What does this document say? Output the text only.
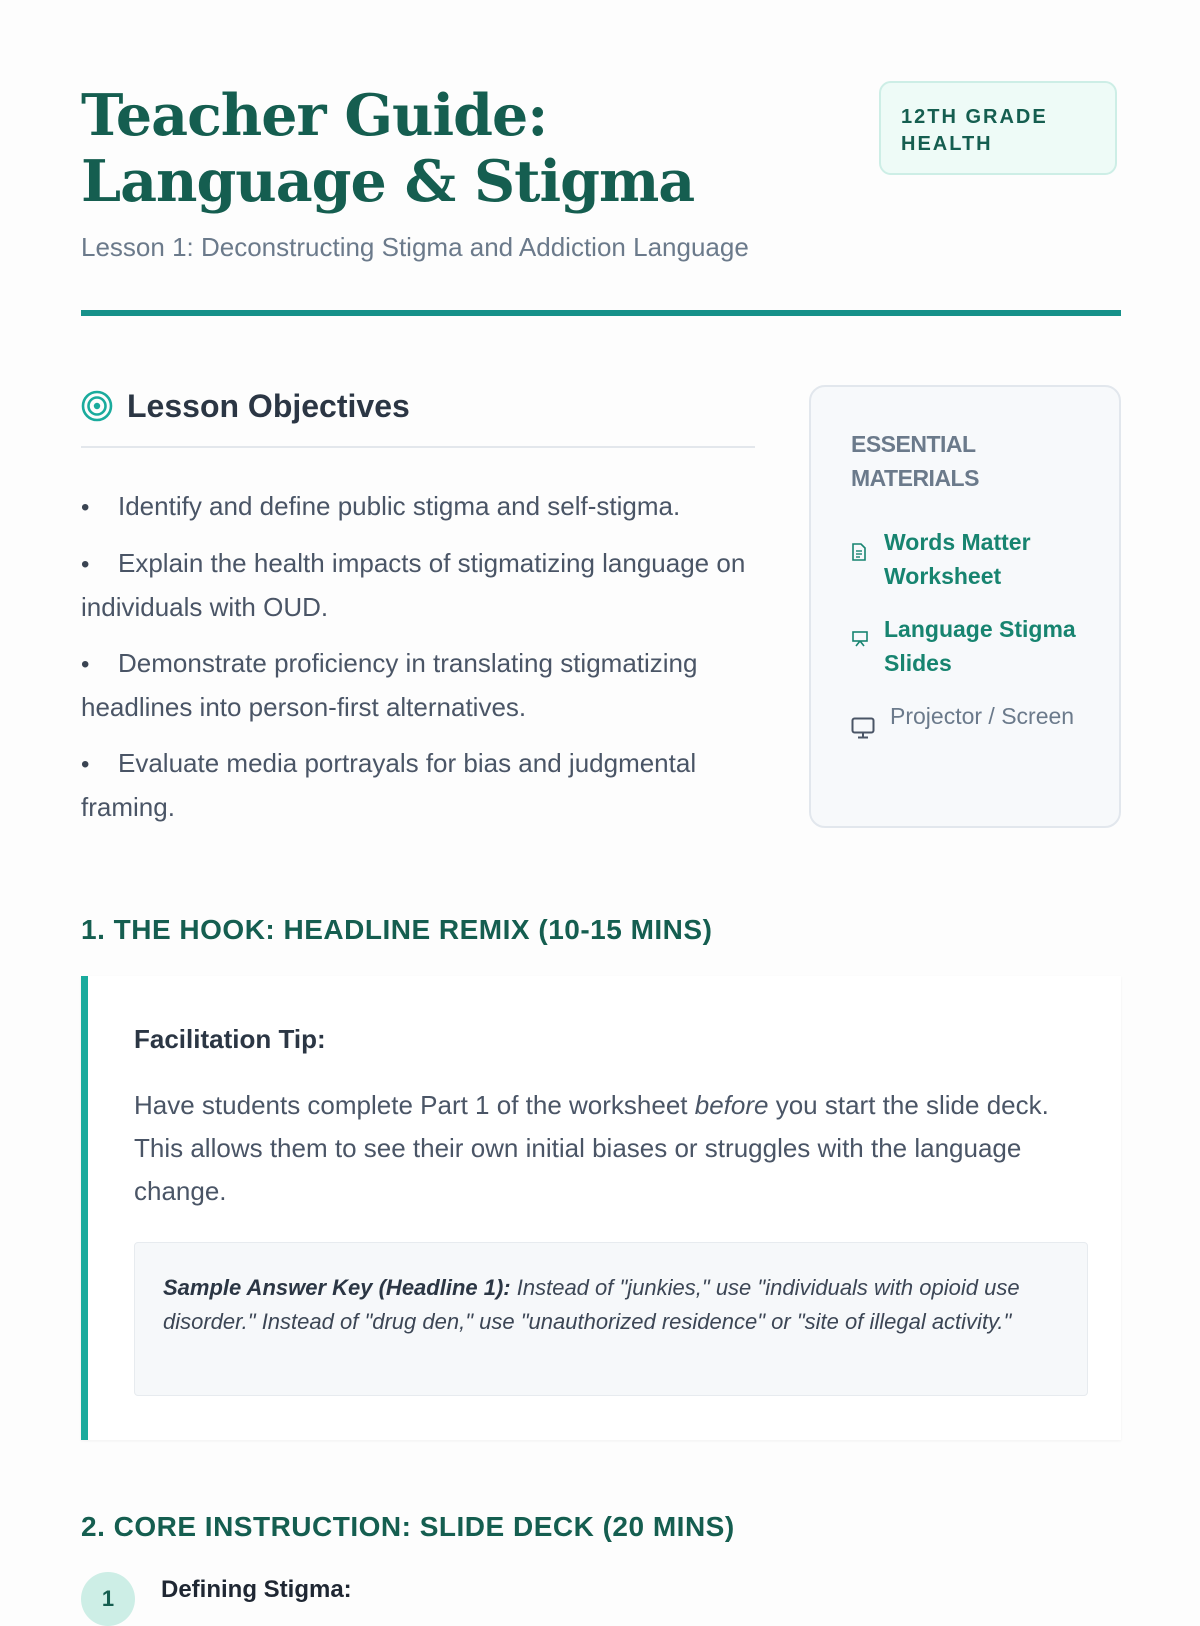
Teacher Guide: Language & Stigma
12TH GRADE HEALTH

Lesson 1: Deconstructing Stigma and Addiction Language

Lesson Objectives
• Identify and define public stigma and self-stigma.
• Explain the health impacts of stigmatizing language on individuals with OUD.
• Demonstrate proficiency in translating stigmatizing headlines into person-first alternatives.
• Evaluate media portrayals for bias and judgmental framing.
ESSENTIAL MATERIALS
Words Matter Worksheet
Language Stigma Slides
Projector / Screen
1. THE HOOK: HEADLINE REMIX (10-15 MINS)

Facilitation Tip:

Have students complete Part 1 of the worksheet before you start the slide deck. This allows them to see their own initial biases or struggles with the language change.

Sample Answer Key (Headline 1): Instead of "junkies," use "individuals with opioid use disorder." Instead of "drug den," use "unauthorized residence" or "site of illegal activity."
2. CORE INSTRUCTION: SLIDE DECK (20 MINS)
1	Defining Stigma:
